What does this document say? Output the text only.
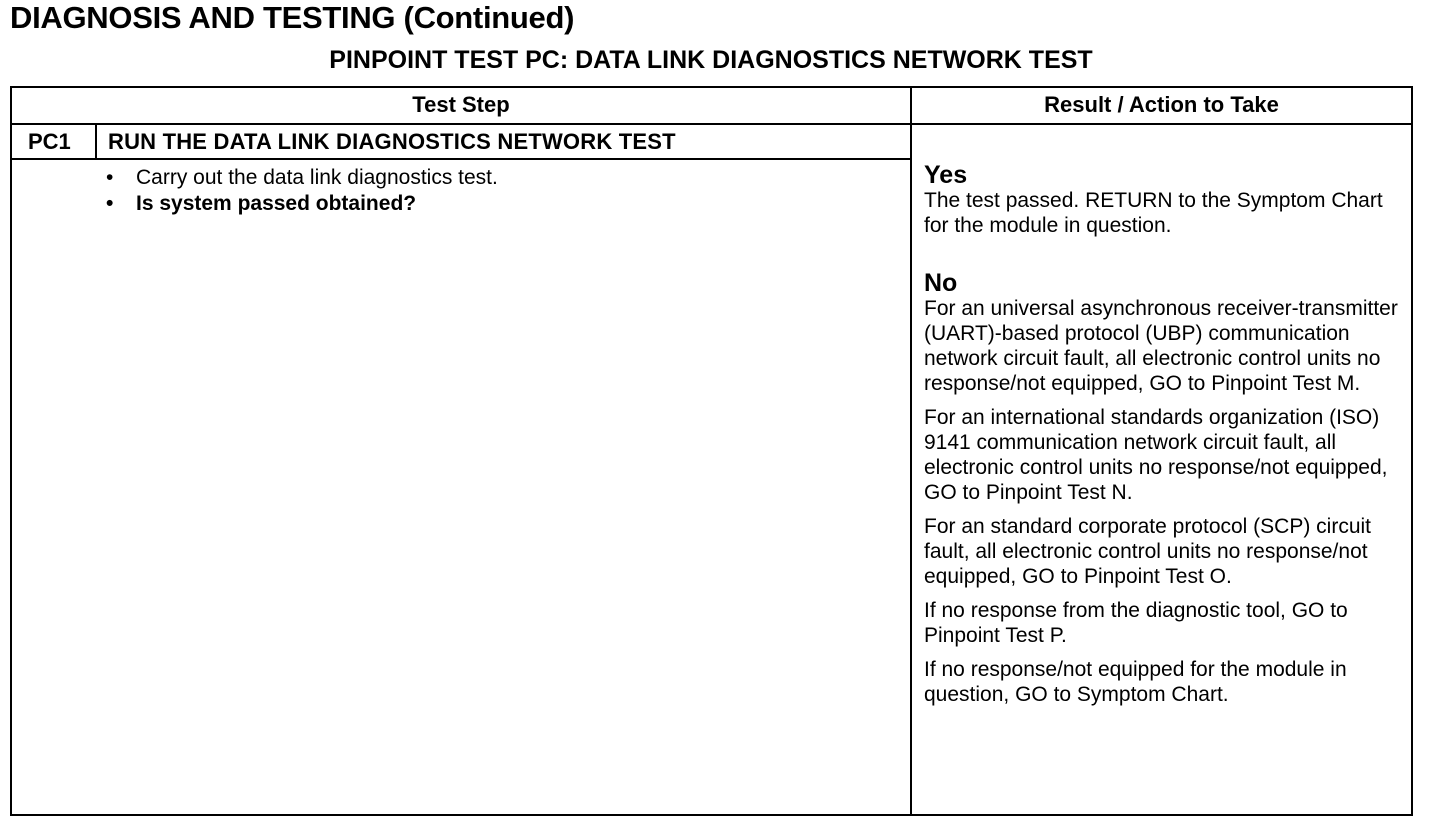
DIAGNOSIS AND TESTING (Continued)
PINPOINT TEST PC: DATA LINK DIAGNOSTICS NETWORK TEST
Test Step	Result / Action to Take
PC1 RUN THE DATA LINK DIAGNOSTICS NETWORK TEST
• Carry out the data link diagnostics test.
• Is system passed obtained?

Yes

The test passed. RETURN to the Symptom Chart for the module in question.

No

For an universal asynchronous receiver-transmitter (UART)-based protocol (UBP) communication network circuit fault, all electronic control units no response/not equipped, GO to Pinpoint Test M.

For an international standards organization (ISO) 9141 communication network circuit fault, all electronic control units no response/not equipped, GO to Pinpoint Test N.

For an standard corporate protocol (SCP) circuit fault, all electronic control units no response/not equipped, GO to Pinpoint Test O.

If no response from the diagnostic tool, GO to Pinpoint Test P.

If no response/not equipped for the module in question, GO to Symptom Chart.
